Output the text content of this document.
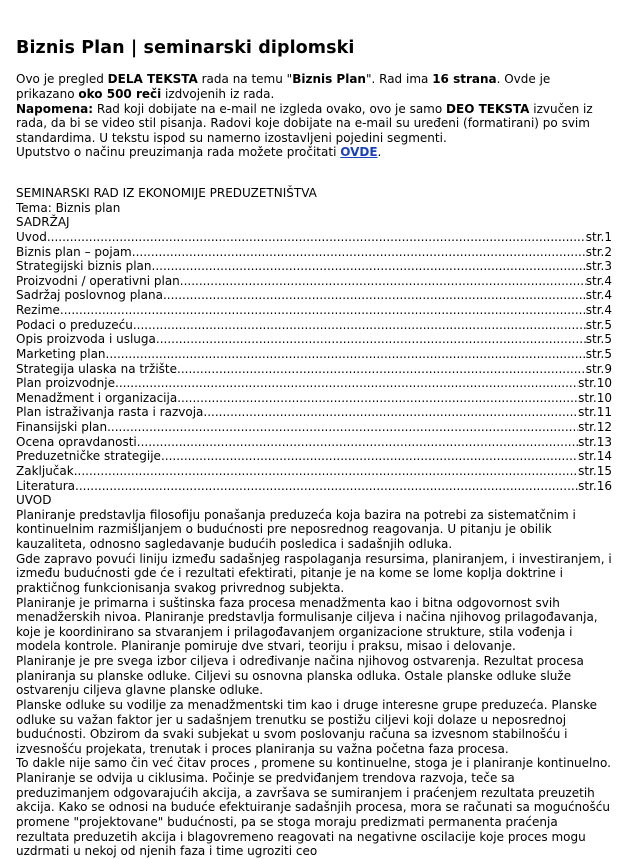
Biznis Plan | seminarski diplomski

Ovo je pregled DELA TEKSTA rada na temu "Biznis Plan". Rad ima 16 strana. Ovde je prikazano oko 500 reči izdvojenih iz rada.

Napomena: Rad koji dobijate na e-mail ne izgleda ovako, ovo je samo DEO TEKSTA izvučen iz rada, da bi se video stil pisanja. Radovi koje dobijate na e-mail su uređeni (formatirani) po svim standardima. U tekstu ispod su namerno izostavljeni pojedini segmenti.

Uputstvo o načinu preuzimanja rada možete pročitati OVDE.

SEMINARSKI RAD IZ EKONOMIJE PREDUZETNIŠTVA

Tema: Biznis plan

SADRŽAJ

Uvod .....	str.1
Biznis plan – pojam .....	str.2
Strategijski biznis plan .....	str.3
Proizvodni / operativni plan .....	str.4
Sadržaj poslovnog plana .....	str.4
Rezime .....	str.4
Podaci o preduzeću .....	str.5
Opis proizvoda i usluga .....	str.5
Marketing plan .....	str.5
Strategija ulaska na tržište .....	str.9
Plan proizvodnje .....	str.10
Menadžment i organizacija .....	str.10
Plan istraživanja rasta i razvoja .....	str.11
Finansijski plan .....	str.12
Ocena opravdanosti .....	str.13
Preduzetničke strategije .....	str.14
Zaključak .....	str.15
Literatura .....	str.16

UVOD

Planiranje predstavlja filosofiju ponašanja preduzeća koja bazira na potrebi za sistematčnim i kontinuelnim razmišljanjem o budućnosti pre neposrednog reagovanja. U pitanju je obilik kauzaliteta, odnosno sagledavanje budućih posledica i sadašnjih odluka.

Gde zapravo povući liniju između sadašnjeg raspolaganja resursima, planiranjem, i investiranjem, i između budućnosti gde će i rezultati efektirati, pitanje je na kome se lome koplja doktrine i praktičnog funkcionisanja svakog privrednog subjekta.

Planiranje je primarna i suštinska faza procesa menadžmenta kao i bitna odgovornost svih menadžerskih nivoa. Planiranje predstavlja formulisanje ciljeva i načina njihovog prilagođavanja, koje je koordinirano sa stvaranjem i prilagođavanjem organizacione strukture, stila vođenja i modela kontrole. Planiranje pomiruje dve stvari, teoriju i praksu, misao i delovanje.

Planiranje je pre svega izbor ciljeva i određivanje načina njihovog ostvarenja. Rezultat procesa planiranja su planske odluke. Ciljevi su osnovna planska odluka. Ostale planske odluke služe ostvarenju ciljeva glavne planske odluke.

Planske odluke su vodilje za menadžmentski tim kao i druge interesne grupe preduzeća. Planske odluke su važan faktor jer u sadašnjem trenutku se postižu ciljevi koji dolaze u neposrednoj budućnosti. Obzirom da svaki subjekat u svom poslovanju računa sa izvesnom stabilnošću i izvesnošću projekata, trenutak i proces planiranja su važna početna faza procesa.

To dakle nije samo čin već čitav proces , promene su kontinuelne, stoga je i planiranje kontinuelno. Planiranje se odvija u ciklusima. Počinje se predviđanjem trendova razvoja, teče sa preduzimanjem odgovarajućih akcija, a završava se sumiranjem i praćenjem rezultata preuzetih akcija. Kako se odnosi na buduće efektuiranje sadašnjih procesa, mora se računati sa mogućnošću promene "projektovane" budućnosti, pa se stoga moraju predizmati permanenta praćenja rezultata preduzetih akcija i blagovremeno reagovati na negativne oscilacije koje proces mogu uzdrmati u nekoj od njenih faza i time ugroziti ceo
